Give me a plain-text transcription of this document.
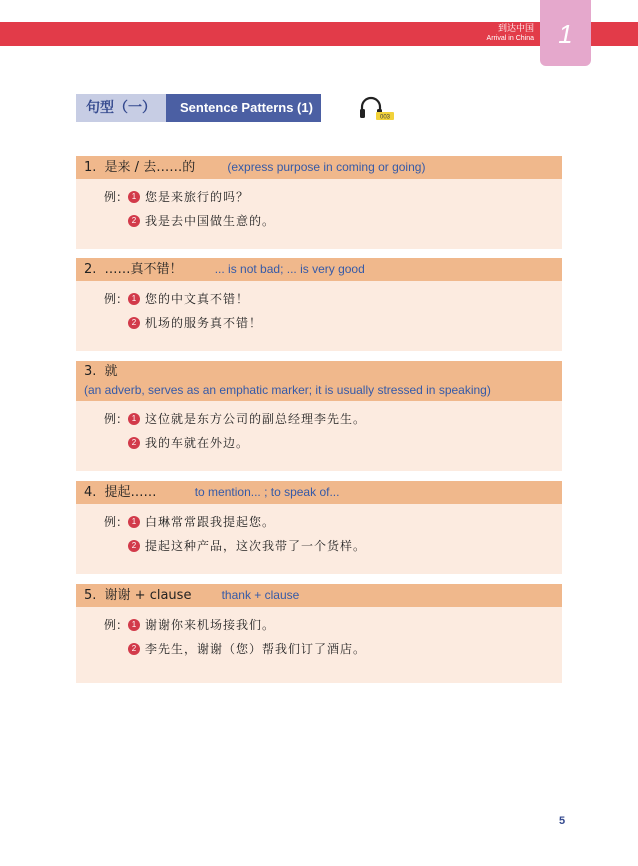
到达中国
Arrival in China 1
句型（一）	Sentence Patterns (1)
003
1. 是来 / 去……的	(express purpose in coming or going)
例： 1 您是来旅行的吗？
2 我是去中国做生意的。
2. ……真不错！	... is not bad; ... is very good
例： 1 您的中文真不错！
2 机场的服务真不错！
3. 就
(an adverb, serves as an emphatic marker; it is usually stressed in speaking)
例： 1 这位就是东方公司的副总经理李先生。
2 我的车就在外边。
4. 提起……	to mention... ; to speak of...
例： 1 白琳常常跟我提起您。
2 提起这种产品，这次我带了一个货样。
5. 谢谢 + clause	thank + clause
例： 1 谢谢你来机场接我们。
2 李先生，谢谢（您）帮我们订了酒店。
5
